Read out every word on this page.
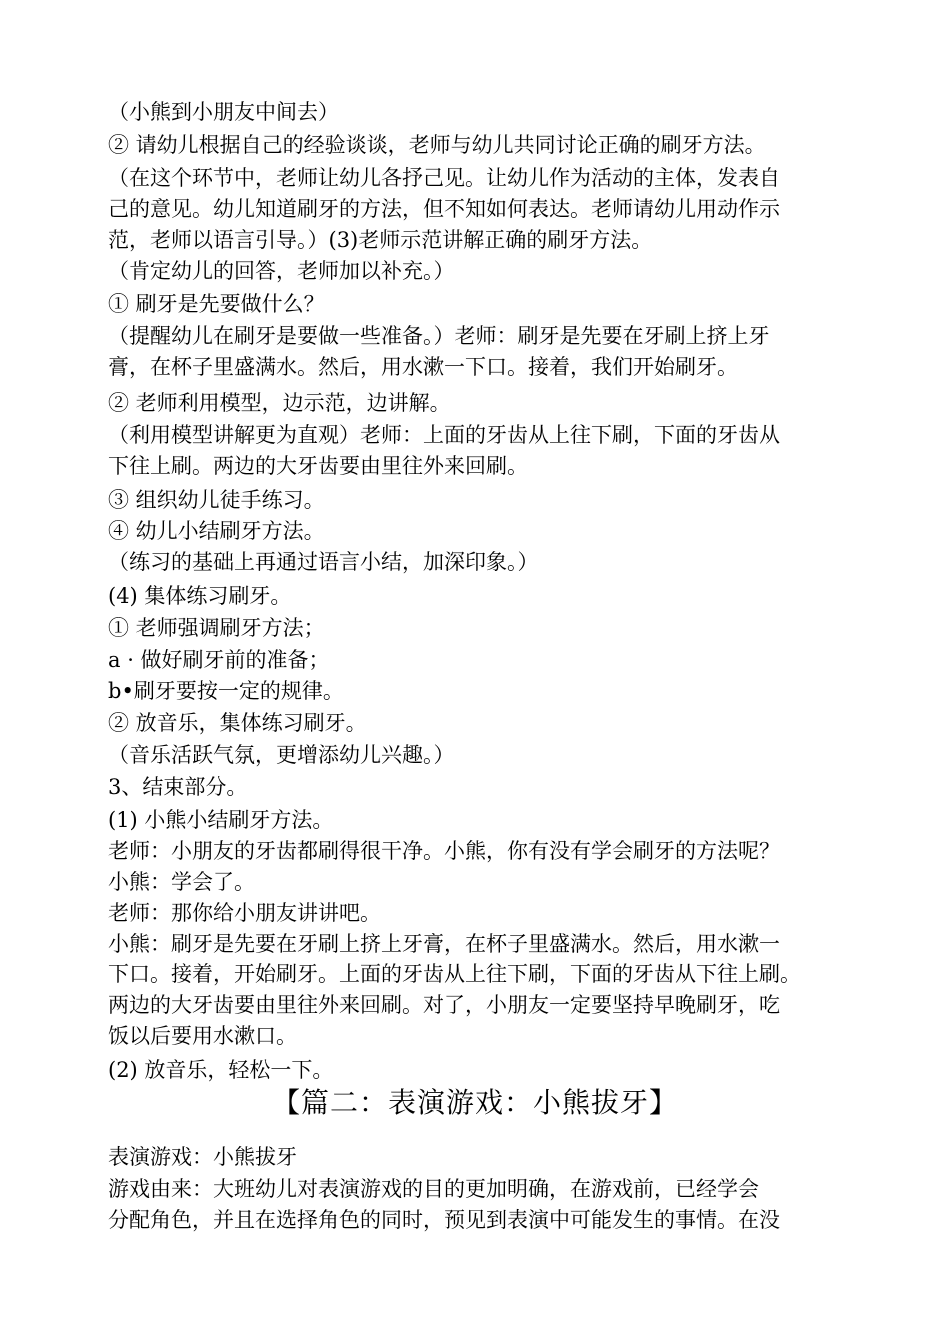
（小熊到小朋友中间去）
② 请幼儿根据自己的经验谈谈，老师与幼儿共同讨论正确的刷牙方法。
（在这个环节中，老师让幼儿各抒己见。让幼儿作为活动的主体，发表自
己的意见。幼儿知道刷牙的方法，但不知如何表达。老师请幼儿用动作示
范，老师以语言引导。）(3)老师示范讲解正确的刷牙方法。
（肯定幼儿的回答，老师加以补充。）
① 刷牙是先要做什么？
（提醒幼儿在刷牙是要做一些准备。）老师：刷牙是先要在牙刷上挤上牙
膏，在杯子里盛满水。然后，用水漱一下口。接着，我们开始刷牙。
② 老师利用模型，边示范，边讲解。
（利用模型讲解更为直观）老师：上面的牙齿从上往下刷，下面的牙齿从
下往上刷。两边的大牙齿要由里往外来回刷。
③ 组织幼儿徒手练习。
④ 幼儿小结刷牙方法。
（练习的基础上再通过语言小结，加深印象。）
(4) 集体练习刷牙。
① 老师强调刷牙方法；
a · 做好刷牙前的准备；
b•刷牙要按一定的规律。
② 放音乐，集体练习刷牙。
（音乐活跃气氛，更增添幼儿兴趣。）
3、结束部分。
(1) 小熊小结刷牙方法。
老师：小朋友的牙齿都刷得很干净。小熊，你有没有学会刷牙的方法呢？
小熊：学会了。
老师：那你给小朋友讲讲吧。
小熊：刷牙是先要在牙刷上挤上牙膏，在杯子里盛满水。然后，用水漱一
下口。接着，开始刷牙。上面的牙齿从上往下刷，下面的牙齿从下往上刷。
两边的大牙齿要由里往外来回刷。对了，小朋友一定要坚持早晚刷牙，吃
饭以后要用水漱口。
(2) 放音乐，轻松一下。
【篇二：表演游戏：小熊拔牙】
表演游戏：小熊拔牙
游戏由来：大班幼儿对表演游戏的目的更加明确，在游戏前，已经学会
分配角色，并且在选择角色的同时，预见到表演中可能发生的事情。在没
